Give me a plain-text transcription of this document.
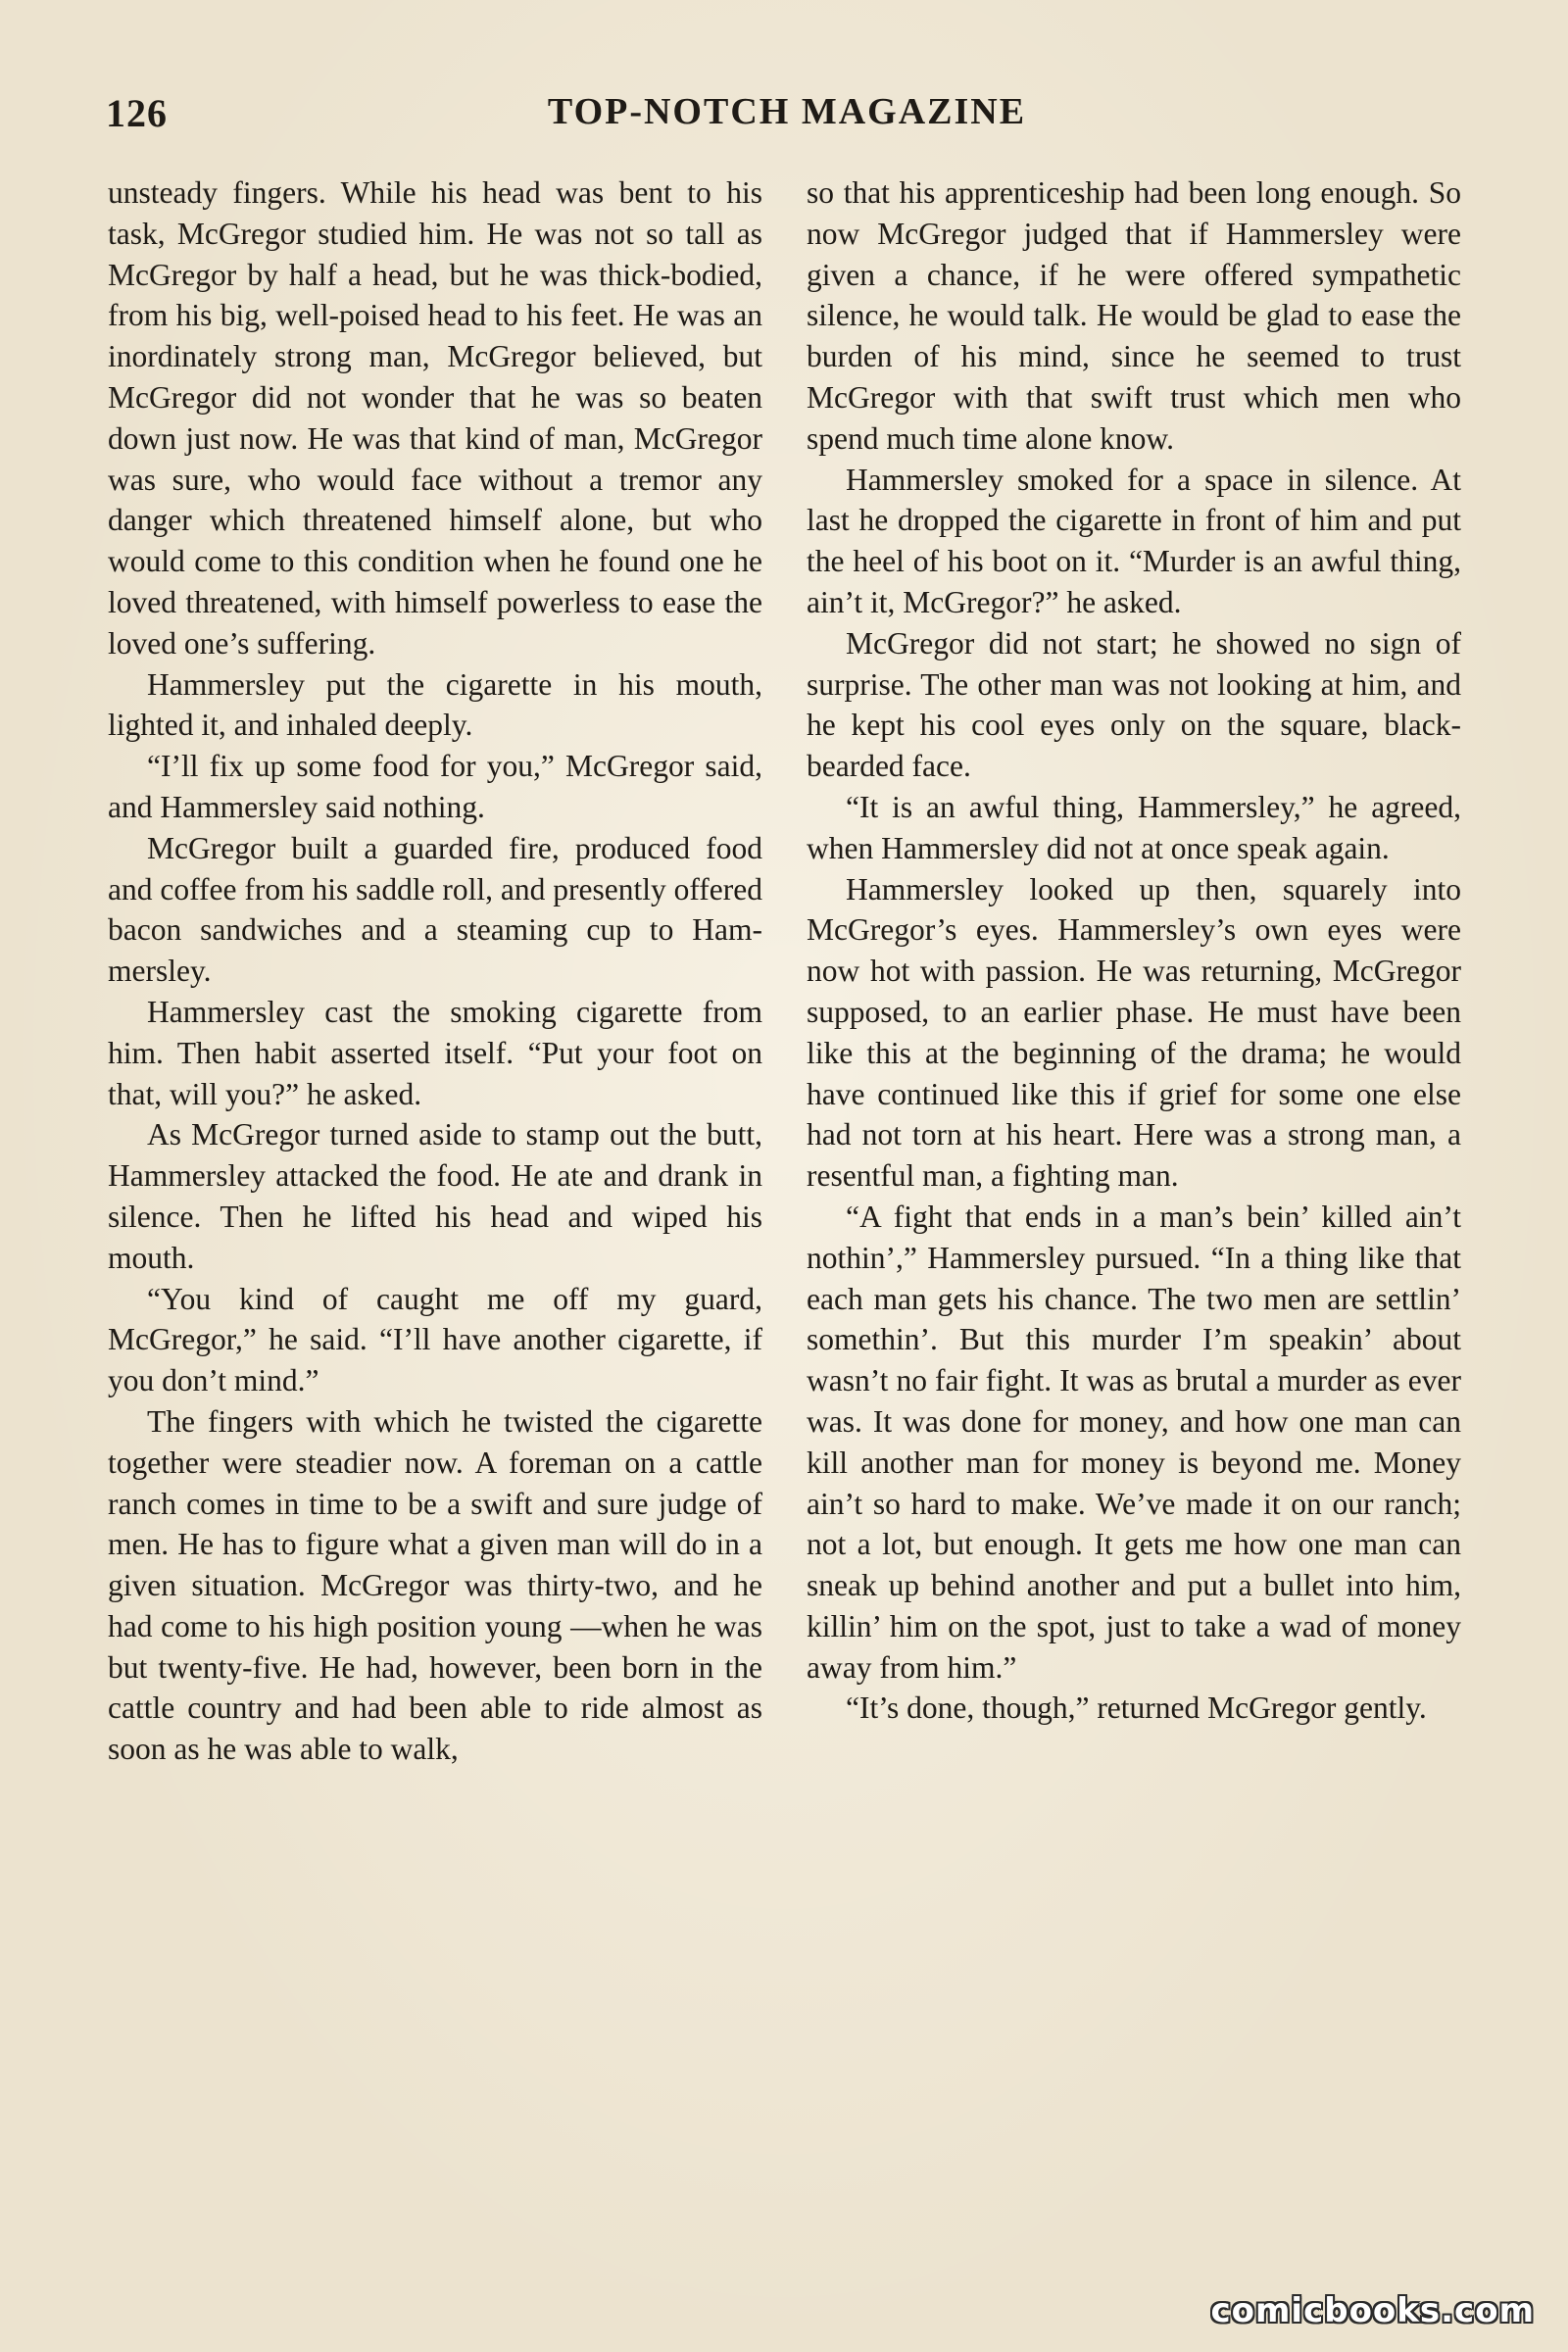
126	TOP-NOTCH MAGAZINE

unsteady fingers. While his head was bent to his task, McGregor studied him. He was not so tall as McGregor by half a head, but he was thick-bodied, from his big, well-poised head to his feet. He was an inordinately strong man, McGregor believed, but McGregor did not wonder that he was so beaten down just now. He was that kind of man, McGregor was sure, who would face without a tremor any danger which threatened himself alone, but who would come to this condition when he found one he loved threatened, with himself powerless to ease the loved one’s suffering.

Hammersley put the cigarette in his mouth, lighted it, and inhaled deeply.

“I’ll fix up some food for you,” McGregor said, and Hammersley said nothing.

McGregor built a guarded fire, produced food and coffee from his saddle roll, and presently offered bacon sandwiches and a steaming cup to Hammersley.

Hammersley cast the smoking cigarette from him. Then habit asserted itself. “Put your foot on that, will you?” he asked.

As McGregor turned aside to stamp out the butt, Hammersley attacked the food. He ate and drank in silence. Then he lifted his head and wiped his mouth.

“You kind of caught me off my guard, McGregor,” he said. “I’ll have another cigarette, if you don’t mind.”

The fingers with which he twisted the cigarette together were steadier now. A foreman on a cattle ranch comes in time to be a swift and sure judge of men. He has to figure what a given man will do in a given situation. McGregor was thirty-two, and he had come to his high position young —when he was but twenty-five. He had, however, been born in the cattle country and had been able to ride almost as soon as he was able to walk,

so that his apprenticeship had been long enough. So now McGregor judged that if Hammersley were given a chance, if he were offered sympathetic silence, he would talk. He would be glad to ease the burden of his mind, since he seemed to trust McGregor with that swift trust which men who spend much time alone know.

Hammersley smoked for a space in silence. At last he dropped the cigarette in front of him and put the heel of his boot on it. “Murder is an awful thing, ain’t it, McGregor?” he asked.

McGregor did not start; he showed no sign of surprise. The other man was not looking at him, and he kept his cool eyes only on the square, black-bearded face.

“It is an awful thing, Hammersley,” he agreed, when Hammersley did not at once speak again.

Hammersley looked up then, squarely into McGregor’s eyes. Hammersley’s own eyes were now hot with passion. He was returning, McGregor supposed, to an earlier phase. He must have been like this at the beginning of the drama; he would have continued like this if grief for some one else had not torn at his heart. Here was a strong man, a resentful man, a fighting man.

“A fight that ends in a man’s bein’ killed ain’t nothin’,” Hammersley pursued. “In a thing like that each man gets his chance. The two men are settlin’ somethin’. But this murder I’m speakin’ about wasn’t no fair fight. It was as brutal a murder as ever was. It was done for money, and how one man can kill another man for money is beyond me. Money ain’t so hard to make. We’ve made it on our ranch; not a lot, but enough. It gets me how one man can sneak up behind another and put a bullet into him, killin’ him on the spot, just to take a wad of money away from him.”

“It’s done, though,” returned McGregor gently.

comicbooks.com
